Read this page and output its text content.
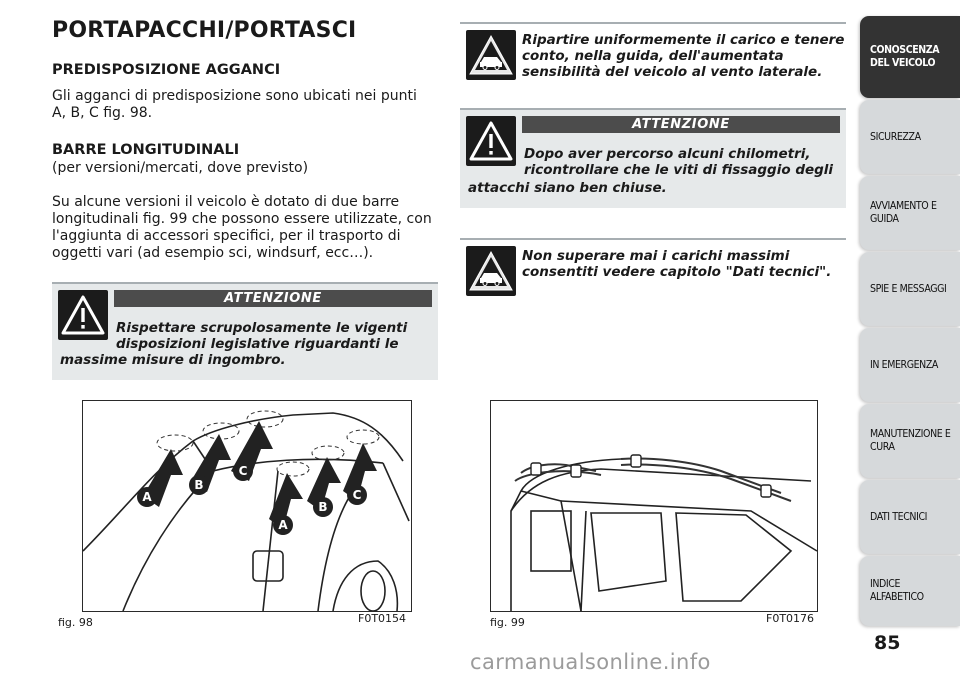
PORTAPACCHI/PORTASCI
PREDISPOSIZIONE AGGANCI
Gli agganci di predisposizione sono ubicati nei punti
A, B, C fig. 98.
BARRE LONGITUDINALI
(per versioni/mercati, dove previsto)
Su alcune versioni il veicolo è dotato di due barre
longitudinali fig. 99 che possono essere utilizzate, con
l'aggiunta di accessori specifici, per il trasporto di
oggetti vari (ad esempio sci, windsurf, ecc…).
ATTENZIONE
Rispettare scrupolosamente le vigenti
disposizioni legislative riguardanti le
massime misure di ingombro.
Ripartire uniformemente il carico e tenere
conto, nella guida, dell'aumentata
sensibilità del veicolo al vento laterale.
ATTENZIONE
Dopo aver percorso alcuni chilometri,
ricontrollare che le viti di fissaggio degli
attacchi siano ben chiuse.
Non superare mai i carichi massimi
consentiti vedere capitolo "Dati tecnici".
A
B
C
A
B
C
fig. 98	F0T0154	fig. 99	F0T0176
CONOSCENZA DEL VEICOLO
SICUREZZA
AVVIAMENTO E GUIDA
SPIE E MESSAGGI
IN EMERGENZA
MANUTENZIONE E CURA
DATI TECNICI
INDICE ALFABETICO
85
carmanualsonline.info
